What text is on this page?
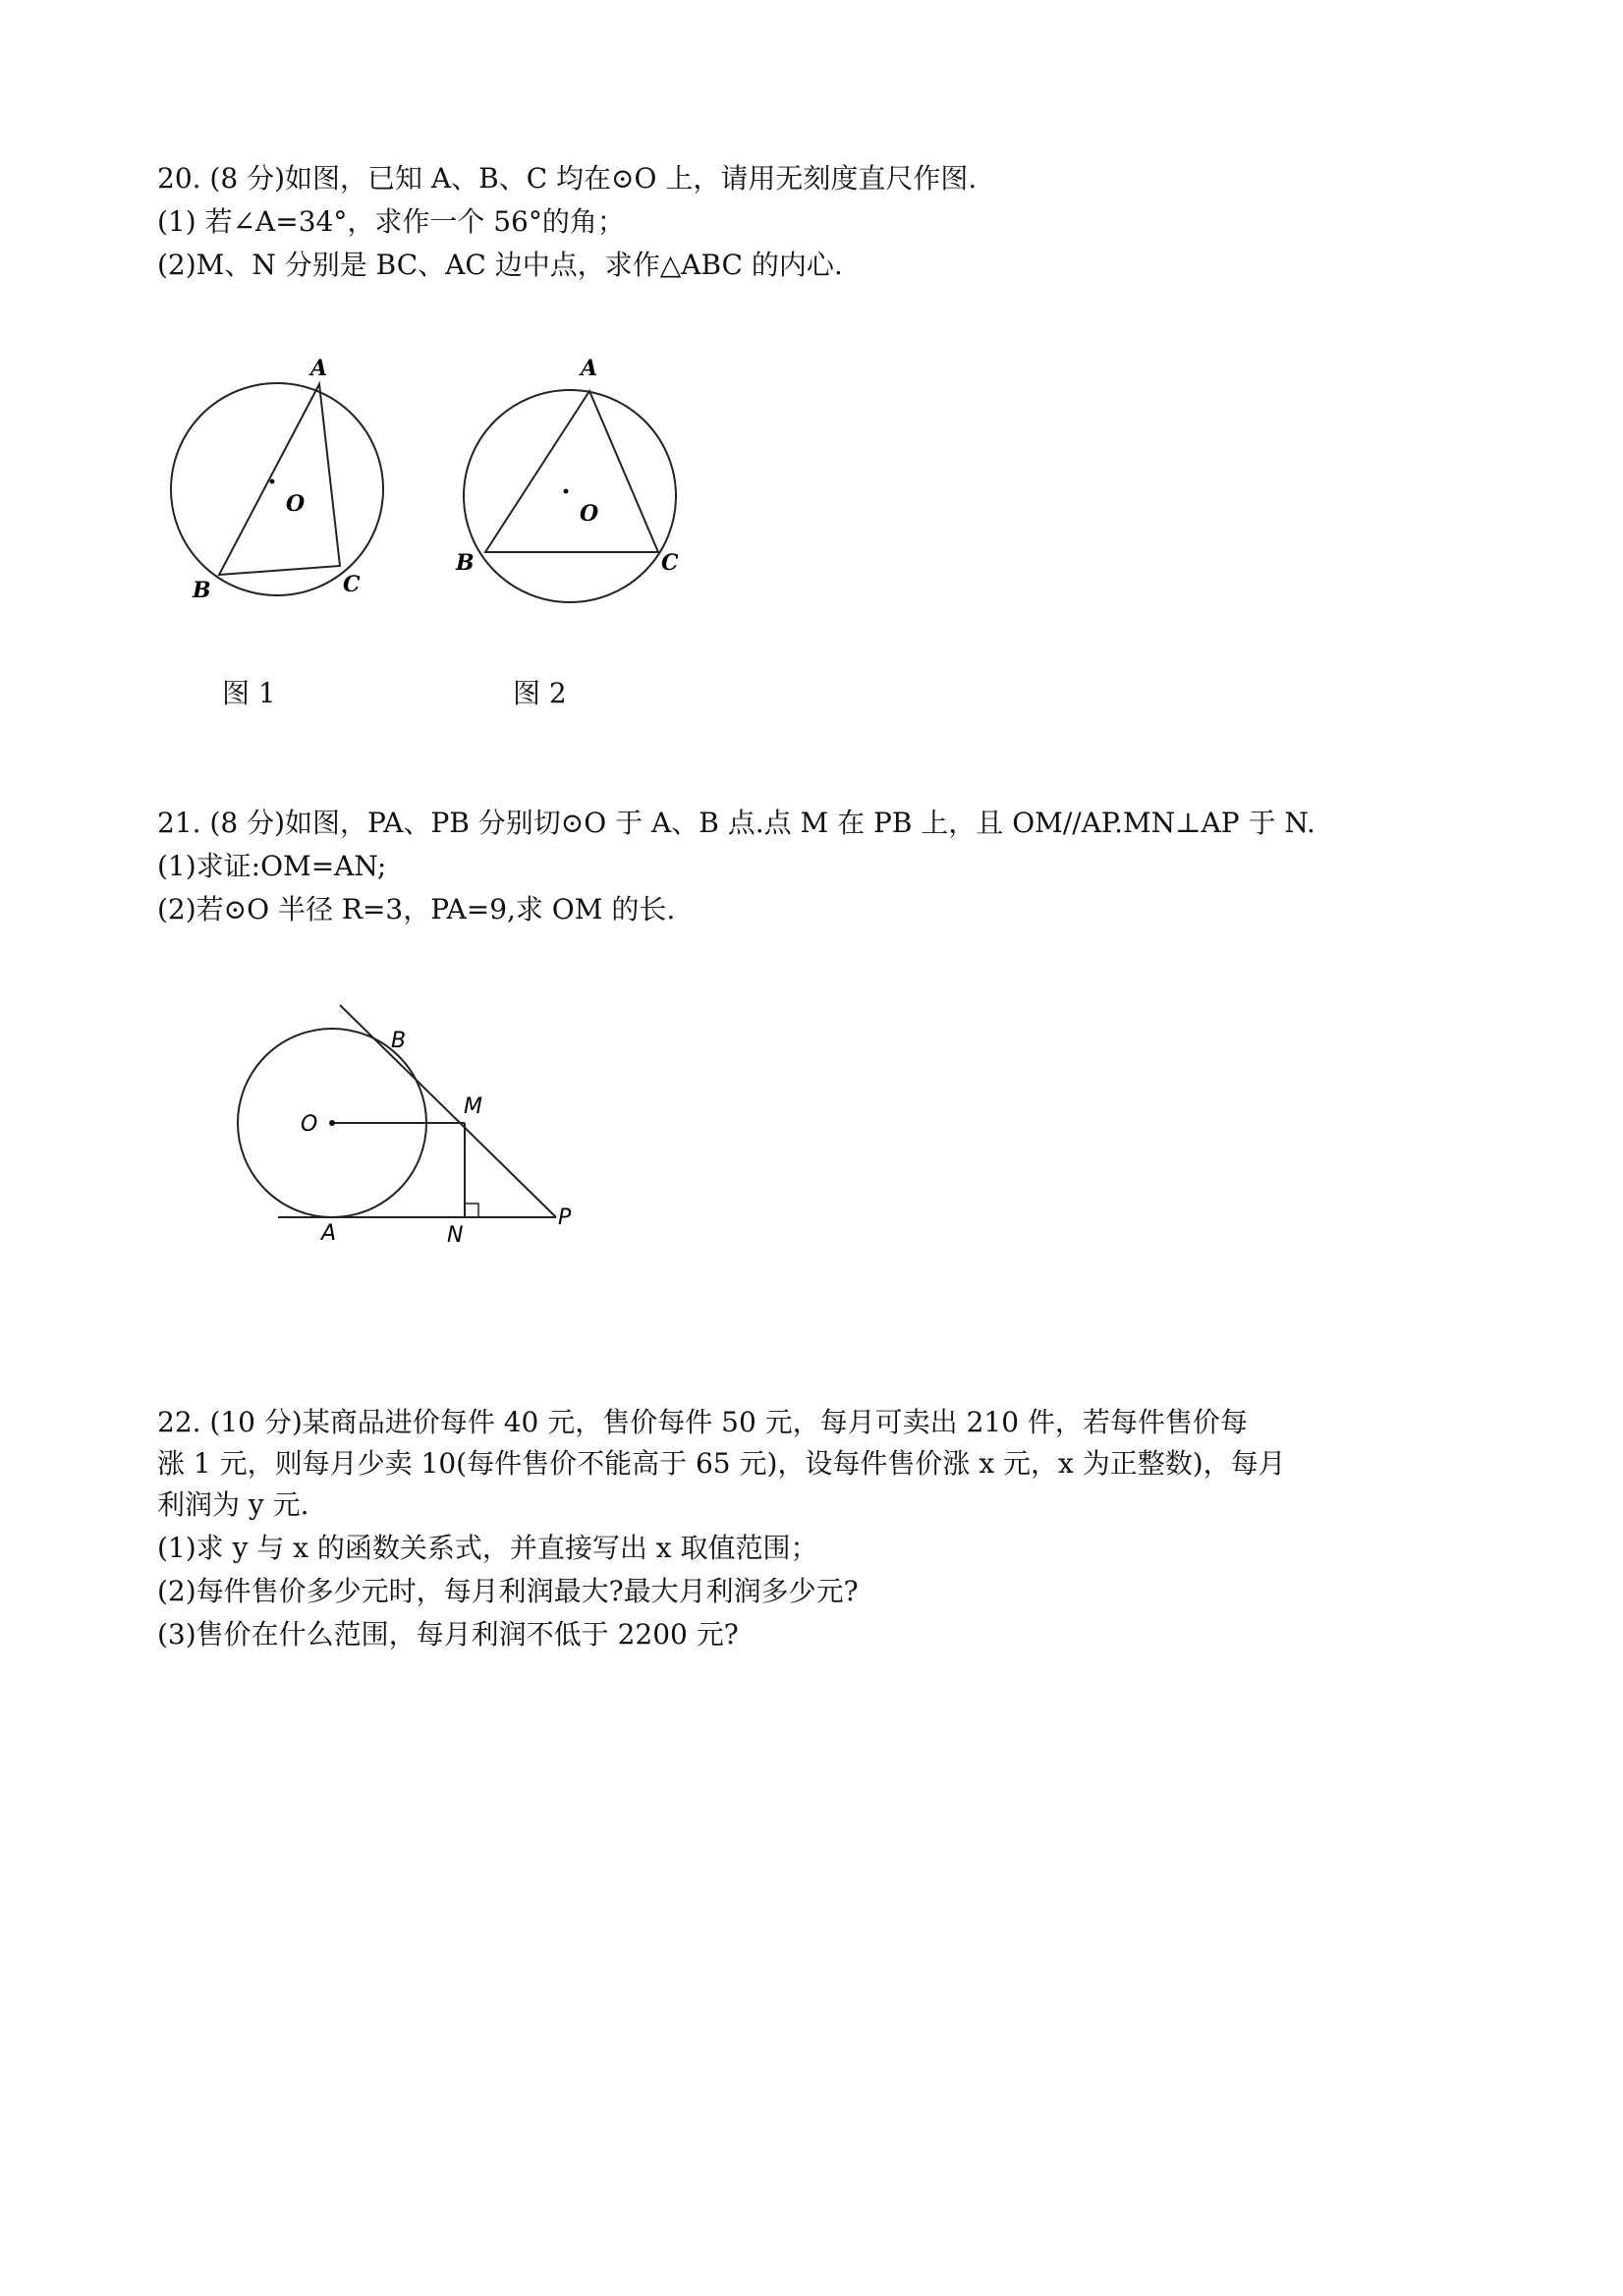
20. (8 分)如图，已知 A、B、C 均在⊙O 上，请用无刻度直尺作图.
(1) 若∠A=34°，求作一个 56°的角；
(2)M、N 分别是 BC、AC 边中点，求作△ABC 的内心.
A
O
B	C
A
O
B	C
图 1	图 2
21. (8 分)如图，PA、PB 分别切⊙O 于 A、B 点.点 M 在 PB 上，且 OM//AP.MN⊥AP 于 N.
(1)求证:OM=AN;
(2)若⊙O 半径 R=3，PA=9,求 OM 的长.
O
B
M
A	N
P
22. (10 分)某商品进价每件 40 元，售价每件 50 元，每月可卖出 210 件，若每件售价每
涨 1 元，则每月少卖 10(每件售价不能高于 65 元)，设每件售价涨 x 元，x 为正整数)，每月
利润为 y 元.
(1)求 y 与 x 的函数关系式，并直接写出 x 取值范围；
(2)每件售价多少元时，每月利润最大?最大月利润多少元?
(3)售价在什么范围，每月利润不低于 2200 元?
